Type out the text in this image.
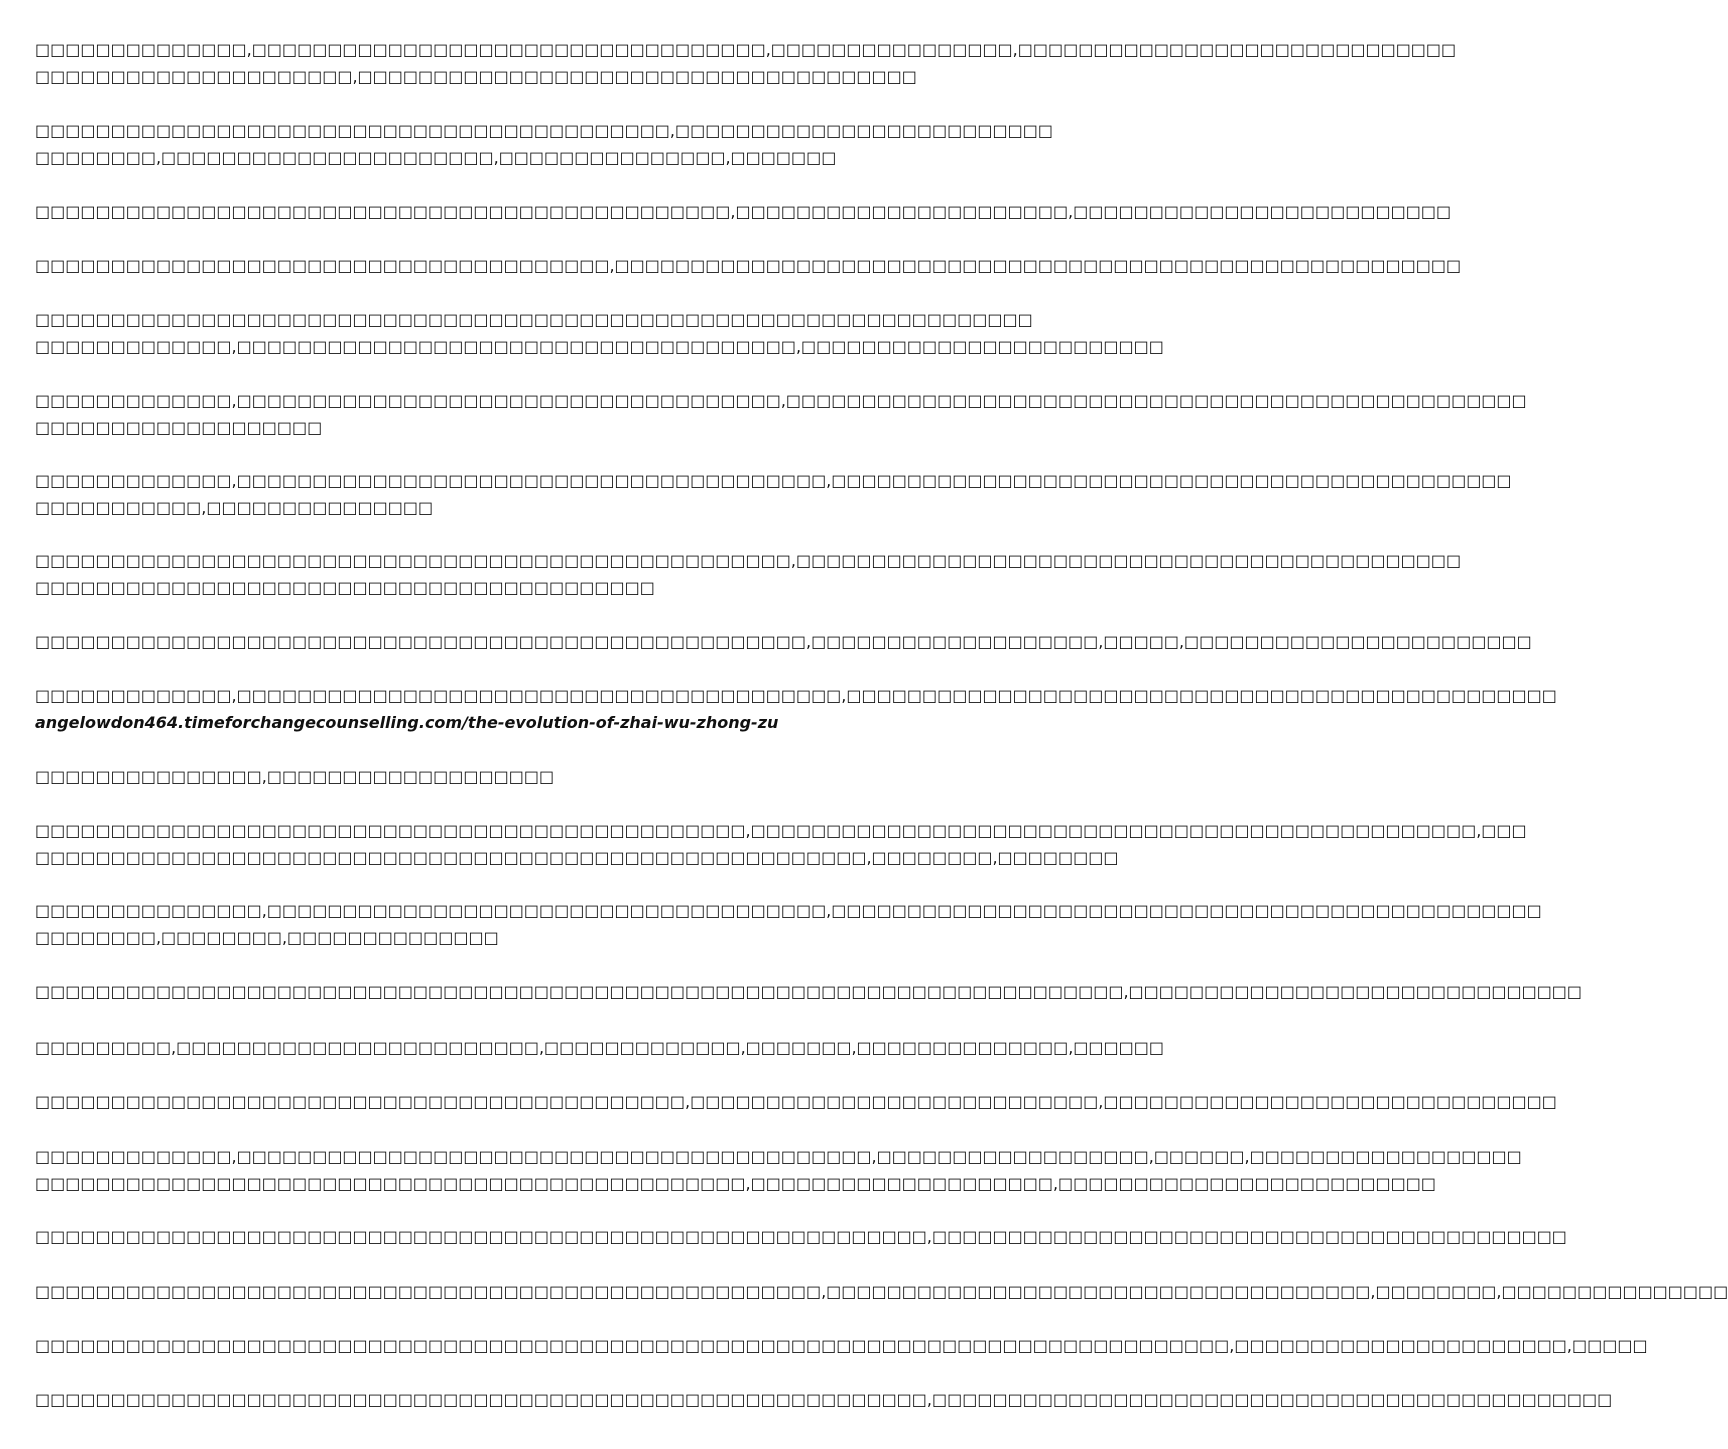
□□□□□□□□□□□□□□,□□□□□□□□□□□□□□□□□□□□□□□□□□□□□□□□□□,□□□□□□□□□□□□□□□□,□□□□□□□□□□□□□□□□□□□□□□□□□□□□□
□□□□□□□□□□□□□□□□□□□□□,□□□□□□□□□□□□□□□□□□□□□□□□□□□□□□□□□□□□□

□□□□□□□□□□□□□□□□□□□□□□□□□□□□□□□□□□□□□□□□□□,□□□□□□□□□□□□□□□□□□□□□□□□□
□□□□□□□□,□□□□□□□□□□□□□□□□□□□□□□,□□□□□□□□□□□□□□□,□□□□□□□

□□□□□□□□□□□□□□□□□□□□□□□□□□□□□□□□□□□□□□□□□□□□□□,□□□□□□□□□□□□□□□□□□□□□□,□□□□□□□□□□□□□□□□□□□□□□□□□

□□□□□□□□□□□□□□□□□□□□□□□□□□□□□□□□□□□□□□,□□□□□□□□□□□□□□□□□□□□□□□□□□□□□□□□□□□□□□□□□□□□□□□□□□□□□□□□

□□□□□□□□□□□□□□□□□□□□□□□□□□□□□□□□□□□□□□□□□□□□□□□□□□□□□□□□□□□□□□□□□□
□□□□□□□□□□□□□,□□□□□□□□□□□□□□□□□□□□□□□□□□□□□□□□□□□□□,□□□□□□□□□□□□□□□□□□□□□□□□

□□□□□□□□□□□□□,□□□□□□□□□□□□□□□□□□□□□□□□□□□□□□□□□□□□,□□□□□□□□□□□□□□□□□□□□□□□□□□□□□□□□□□□□□□□□□□□□□□□□□
□□□□□□□□□□□□□□□□□□□

□□□□□□□□□□□□□,□□□□□□□□□□□□□□□□□□□□□□□□□□□□□□□□□□□□□□□,□□□□□□□□□□□□□□□□□□□□□□□□□□□□□□□□□□□□□□□□□□□□□
□□□□□□□□□□□,□□□□□□□□□□□□□□□

□□□□□□□□□□□□□□□□□□□□□□□□□□□□□□□□□□□□□□□□□□□□□□□□□□,□□□□□□□□□□□□□□□□□□□□□□□□□□□□□□□□□□□□□□□□□□□□
□□□□□□□□□□□□□□□□□□□□□□□□□□□□□□□□□□□□□□□□□

□□□□□□□□□□□□□□□□□□□□□□□□□□□□□□□□□□□□□□□□□□□□□□□□□□□,□□□□□□□□□□□□□□□□□□□,□□□□□,□□□□□□□□□□□□□□□□□□□□□□□

□□□□□□□□□□□□□,□□□□□□□□□□□□□□□□□□□□□□□□□□□□□□□□□□□□□□□□,□□□□□□□□□□□□□□□□□□□□□□□□□□□□□□□□□□□□□□□□□□□□□□□
angelowdon464.timeforchangecounselling.com/the-evolution-of-zhai-wu-zhong-zu

□□□□□□□□□□□□□□□,□□□□□□□□□□□□□□□□□□□

□□□□□□□□□□□□□□□□□□□□□□□□□□□□□□□□□□□□□□□□□□□□□□□,□□□□□□□□□□□□□□□□□□□□□□□□□□□□□□□□□□□□□□□□□□□□□□□□,□□□
□□□□□□□□□□□□□□□□□□□□□□□□□□□□□□□□□□□□□□□□□□□□□□□□□□□□□□□,□□□□□□□□,□□□□□□□□

□□□□□□□□□□□□□□□,□□□□□□□□□□□□□□□□□□□□□□□□□□□□□□□□□□□□□,□□□□□□□□□□□□□□□□□□□□□□□□□□□□□□□□□□□□□□□□□□□□□□□
□□□□□□□□,□□□□□□□□,□□□□□□□□□□□□□□

□□□□□□□□□□□□□□□□□□□□□□□□□□□□□□□□□□□□□□□□□□□□□□□□□□□□□□□□□□□□□□□□□□□□□□□□,□□□□□□□□□□□□□□□□□□□□□□□□□□□□□□

□□□□□□□□□,□□□□□□□□□□□□□□□□□□□□□□□□,□□□□□□□□□□□□□,□□□□□□□,□□□□□□□□□□□□□□,□□□□□□

□□□□□□□□□□□□□□□□□□□□□□□□□□□□□□□□□□□□□□□□□□□,□□□□□□□□□□□□□□□□□□□□□□□□□□□,□□□□□□□□□□□□□□□□□□□□□□□□□□□□□□

□□□□□□□□□□□□□,□□□□□□□□□□□□□□□□□□□□□□□□□□□□□□□□□□□□□□□□□□,□□□□□□□□□□□□□□□□□□,□□□□□□,□□□□□□□□□□□□□□□□□□
□□□□□□□□□□□□□□□□□□□□□□□□□□□□□□□□□□□□□□□□□□□□□□□,□□□□□□□□□□□□□□□□□□□□,□□□□□□□□□□□□□□□□□□□□□□□□□

□□□□□□□□□□□□□□□□□□□□□□□□□□□□□□□□□□□□□□□□□□□□□□□□□□□□□□□□□□□,□□□□□□□□□□□□□□□□□□□□□□□□□□□□□□□□□□□□□□□□□□

□□□□□□□□□□□□□□□□□□□□□□□□□□□□□□□□□□□□□□□□□□□□□□□□□□□□,□□□□□□□□□□□□□□□□□□□□□□□□□□□□□□□□□□□□,□□□□□□□□,□□□□□□□□□□□□□□□

□□□□□□□□□□□□□□□□□□□□□□□□□□□□□□□□□□□□□□□□□□□□□□□□□□□□□□□□□□□□□□□□□□□□□□□□□□□□□□□,□□□□□□□□□□□□□□□□□□□□□□,□□□□□

□□□□□□□□□□□□□□□□□□□□□□□□□□□□□□□□□□□□□□□□□□□□□□□□□□□□□□□□□□□,□□□□□□□□□□□□□□□□□□□□□□□□□□□□□□□□□□□□□□□□□□□□□
